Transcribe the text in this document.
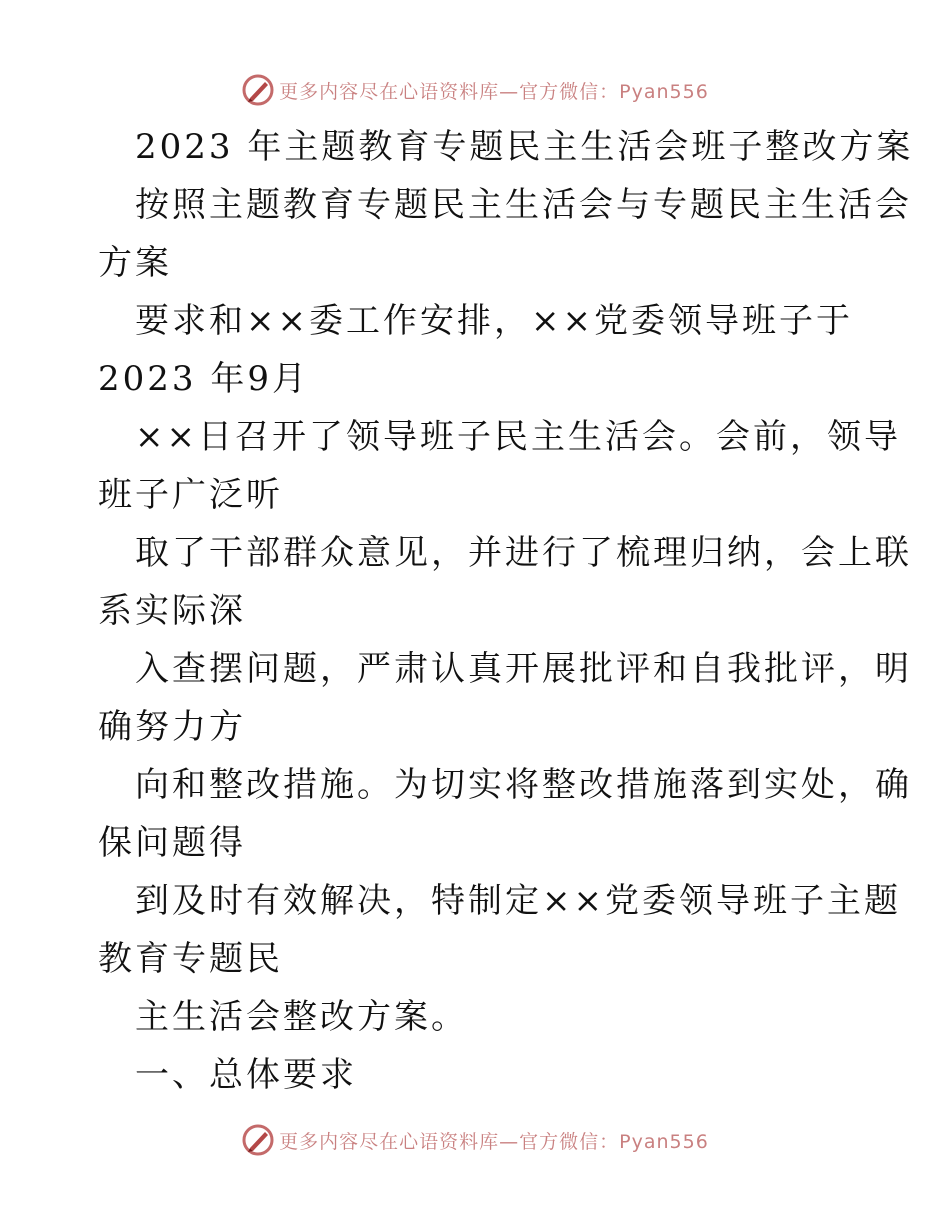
更多内容尽在心语资料库—官方微信：Pyan556
2023 年主题教育专题民主生活会班子整改方案
按照主题教育专题民主生活会与专题民主生活会
方案
要求和××委工作安排，××党委领导班子于
2023 年9月
××日召开了领导班子民主生活会。会前，领导
班子广泛听
取了干部群众意见，并进行了梳理归纳，会上联
系实际深
入查摆问题，严肃认真开展批评和自我批评，明
确努力方
向和整改措施。为切实将整改措施落到实处，确
保问题得
到及时有效解决，特制定××党委领导班子主题
教育专题民
主生活会整改方案。
一、总体要求
更多内容尽在心语资料库—官方微信：Pyan556
